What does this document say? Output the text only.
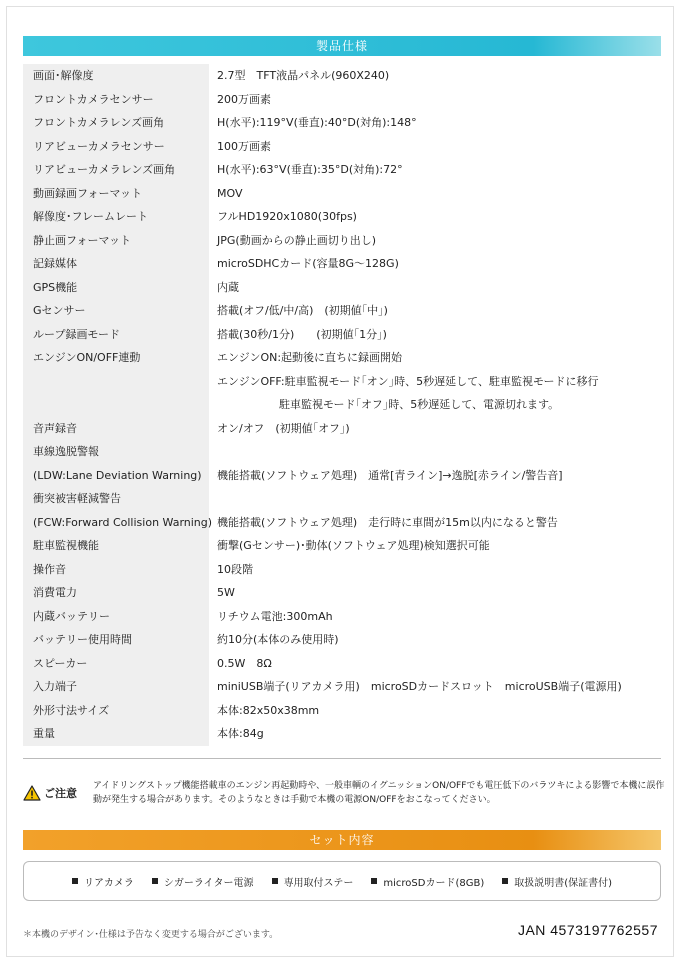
製品仕様
画面･解像度	2.7型　TFT液晶パネル(960X240)
フロントカメラセンサー	200万画素
フロントカメラレンズ画角	H(水平):119°V(垂直):40°D(対角):148°
リアビューカメラセンサー	100万画素
リアビューカメラレンズ画角	H(水平):63°V(垂直):35°D(対角):72°
動画録画フォーマット	MOV
解像度･フレームレート	フルHD1920x1080(30fps)
静止画フォーマット	JPG(動画からの静止画切り出し)
記録媒体	microSDHCカード(容量8G～128G)
GPS機能	内蔵
Gセンサー	搭載(オフ/低/中/高)　(初期値｢中｣)
ループ録画モード	搭載(30秒/1分)　　(初期値｢1分｣)
エンジンON/OFF連動	エンジンON:起動後に直ちに録画開始
エンジンOFF:駐車監視モード｢オン｣時、5秒遅延して、駐車監視モードに移行
駐車監視モード｢オフ｣時、5秒遅延して、電源切れます。
音声録音	オン/オフ　(初期値｢オフ｣)
車線逸脱警報
(LDW:Lane Deviation Warning)	機能搭載(ソフトウェア処理)　通常[青ライン]→逸脱[赤ライン/警告音]
衝突被害軽減警告
(FCW:Forward Collision Warning) 機能搭載(ソフトウェア処理)　走行時に車間が15m以内になると警告
駐車監視機能	衝撃(Gセンサー)･動体(ソフトウェア処理)検知選択可能
操作音	10段階
消費電力	5W
内蔵バッテリー	リチウム電池:300mAh
バッテリー使用時間	約10分(本体のみ使用時)
スピーカー	0.5W　8Ω
入力端子	miniUSB端子(リアカメラ用)　microSDカードスロット　microUSB端子(電源用)
外形寸法サイズ	本体:82x50x38mm
重量	本体:84g
ご注意
アイドリングストップ機能搭載車のエンジン再起動時や、一般車輌のイグニッションON/OFFでも電圧低下のバラツキによる影響で本機に誤作動が発生する場合があります。そのようなときは手動で本機の電源ON/OFFをおこなってください。
セット内容
リアカメラ	シガーライター電源	専用取付ステー	microSDカード(8GB)	取扱説明書(保証書付)
＊本機のデザイン･仕様は予告なく変更する場合がございます。	JAN 4573197762557
